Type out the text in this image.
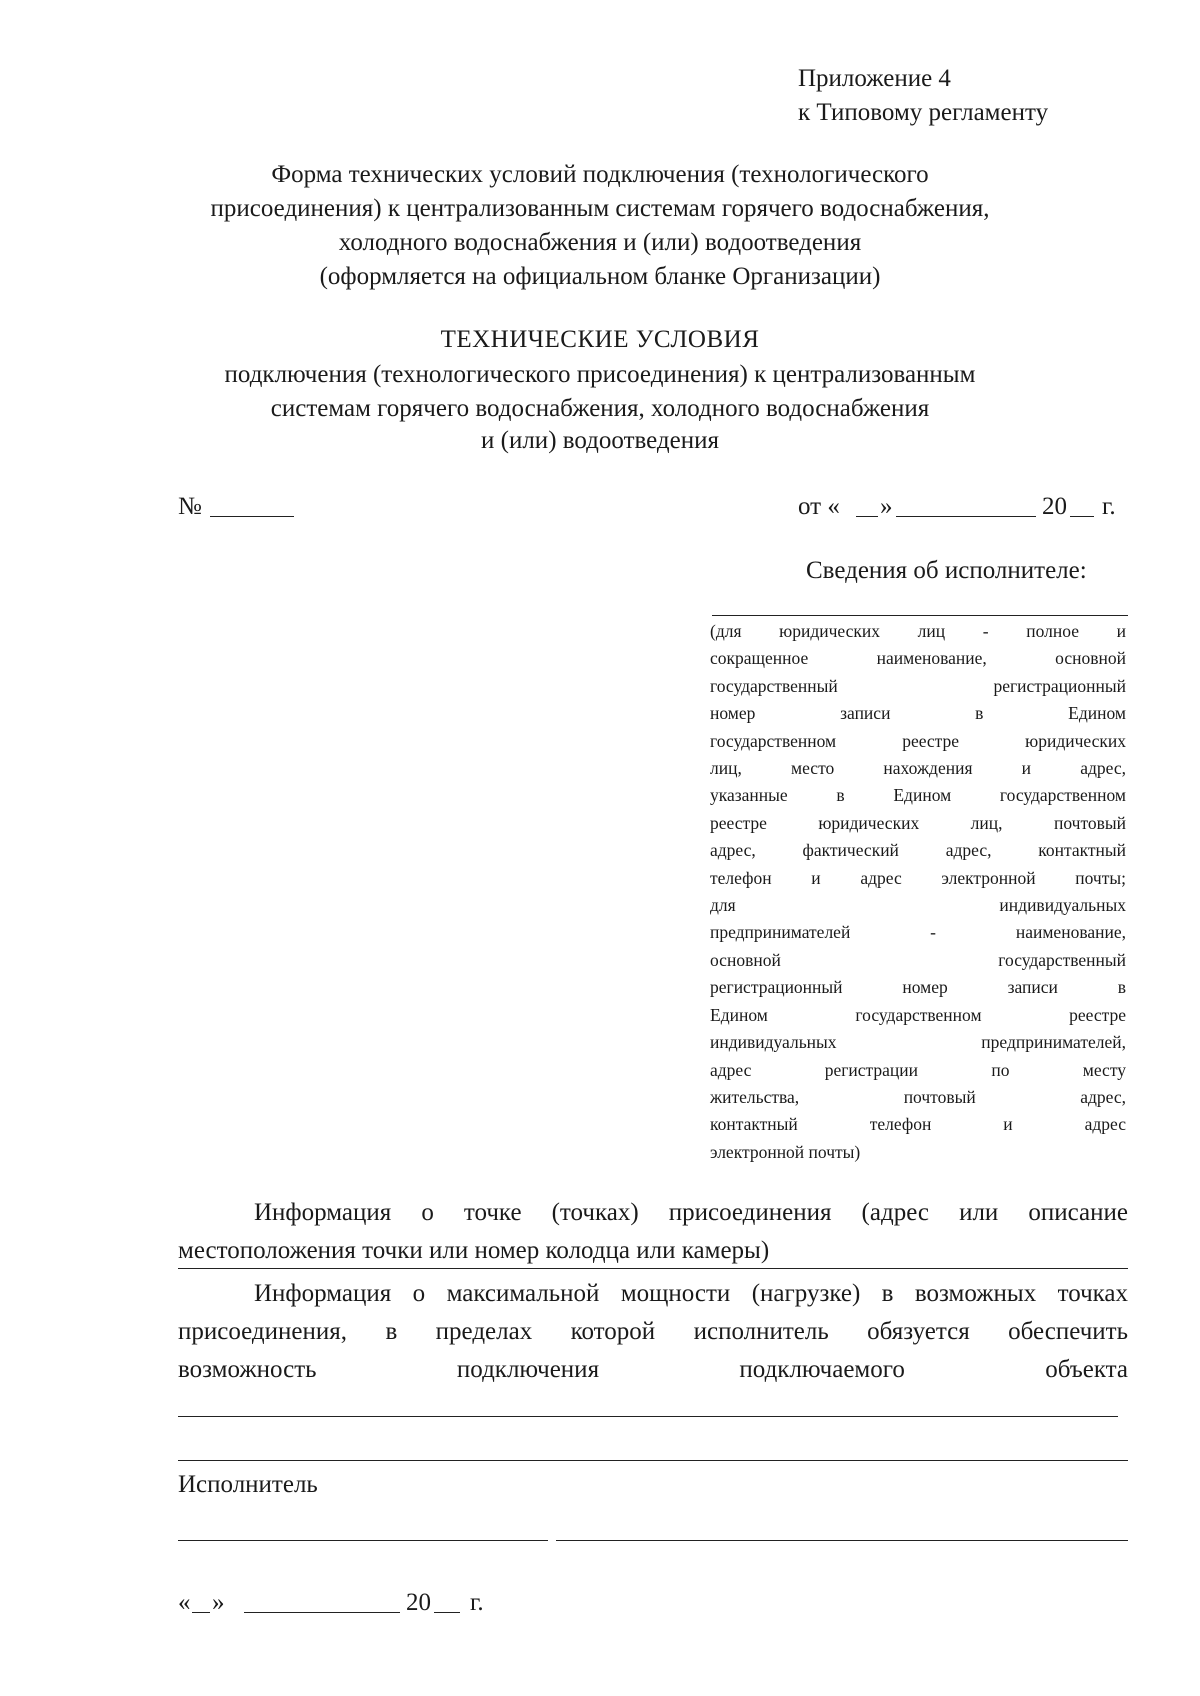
Приложение 4
к Типовому регламенту
Форма технических условий подключения (технологического
присоединения) к централизованным системам горячего водоснабжения,
холодного водоснабжения и (или) водоотведения
(оформляется на официальном бланке Организации)
ТЕХНИЧЕСКИЕ УСЛОВИЯ
подключения (технологического присоединения) к централизованным
системам горячего водоснабжения, холодного водоснабжения
и (или) водоотведения
№	от « »	20 г.
Сведения об исполнителе:
(для юридических лиц - полное и
сокращенное наименование, основной
государственный регистрационный
номер записи в Едином
государственном реестре юридических
лиц, место нахождения и адрес,
указанные в Едином государственном
реестре юридических лиц, почтовый
адрес, фактический адрес, контактный
телефон и адрес электронной почты;
для индивидуальных
предпринимателей - наименование,
основной государственный
регистрационный номер записи в
Едином государственном реестре
индивидуальных предпринимателей,
адрес регистрации по месту
жительства, почтовый адрес,
контактный телефон и адрес
электронной почты)
Информация о точке (точках) присоединения (адрес или описание
местоположения точки или номер колодца или камеры)
Информация о максимальной мощности (нагрузке) в возможных точках
присоединения, в пределах которой исполнитель обязуется обеспечить
возможность подключения подключаемого объекта
Исполнитель
« »	20 г.
